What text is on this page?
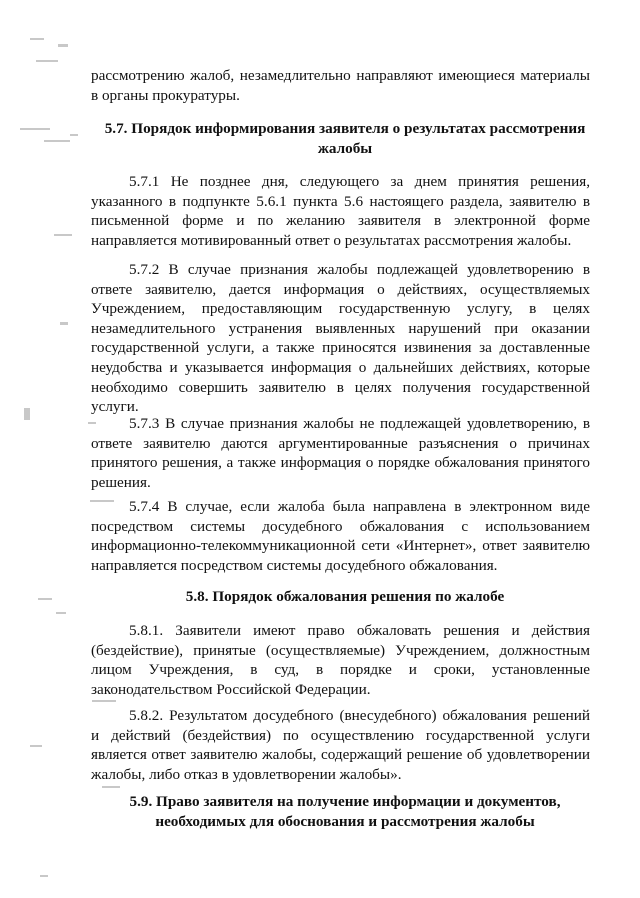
рассмотрению жалоб, незамедлительно направляют имеющиеся материалы в органы прокуратуры.

5.7. Порядок информирования заявителя о результатах рассмотрения жалобы

5.7.1 Не позднее дня, следующего за днем принятия решения, указанного в подпункте 5.6.1 пункта 5.6 настоящего раздела, заявителю в письменной форме и по желанию заявителя в электронной форме направляется мотивированный ответ о результатах рассмотрения жалобы.

5.7.2 В случае признания жалобы подлежащей удовлетворению в ответе заявителю, дается информация о действиях, осуществляемых Учреждением, предоставляющим государственную услугу, в целях незамедлительного устранения выявленных нарушений при оказании государственной услуги, а также приносятся извинения за доставленные неудобства и указывается информация о дальнейших действиях, которые необходимо совершить заявителю в целях получения государственной услуги.

5.7.3 В случае признания жалобы не подлежащей удовлетворению, в ответе заявителю даются аргументированные разъяснения о причинах принятого решения, а также информация о порядке обжалования принятого решения.

5.7.4 В случае, если жалоба была направлена в электронном виде посредством системы досудебного обжалования с использованием информационно-телекоммуникационной сети «Интернет», ответ заявителю направляется посредством системы досудебного обжалования.

5.8. Порядок обжалования решения по жалобе

5.8.1. Заявители имеют право обжаловать решения и действия (бездействие), принятые (осуществляемые) Учреждением, должностным лицом Учреждения, в суд, в порядке и сроки, установленные законодательством Российской Федерации.

5.8.2. Результатом досудебного (внесудебного) обжалования решений и действий (бездействия) по осуществлению государственной услуги является ответ заявителю жалобы, содержащий решение об удовлетворении жалобы, либо отказ в удовлетворении жалобы».

5.9. Право заявителя на получение информации и документов, необходимых для обоснования и рассмотрения жалобы
